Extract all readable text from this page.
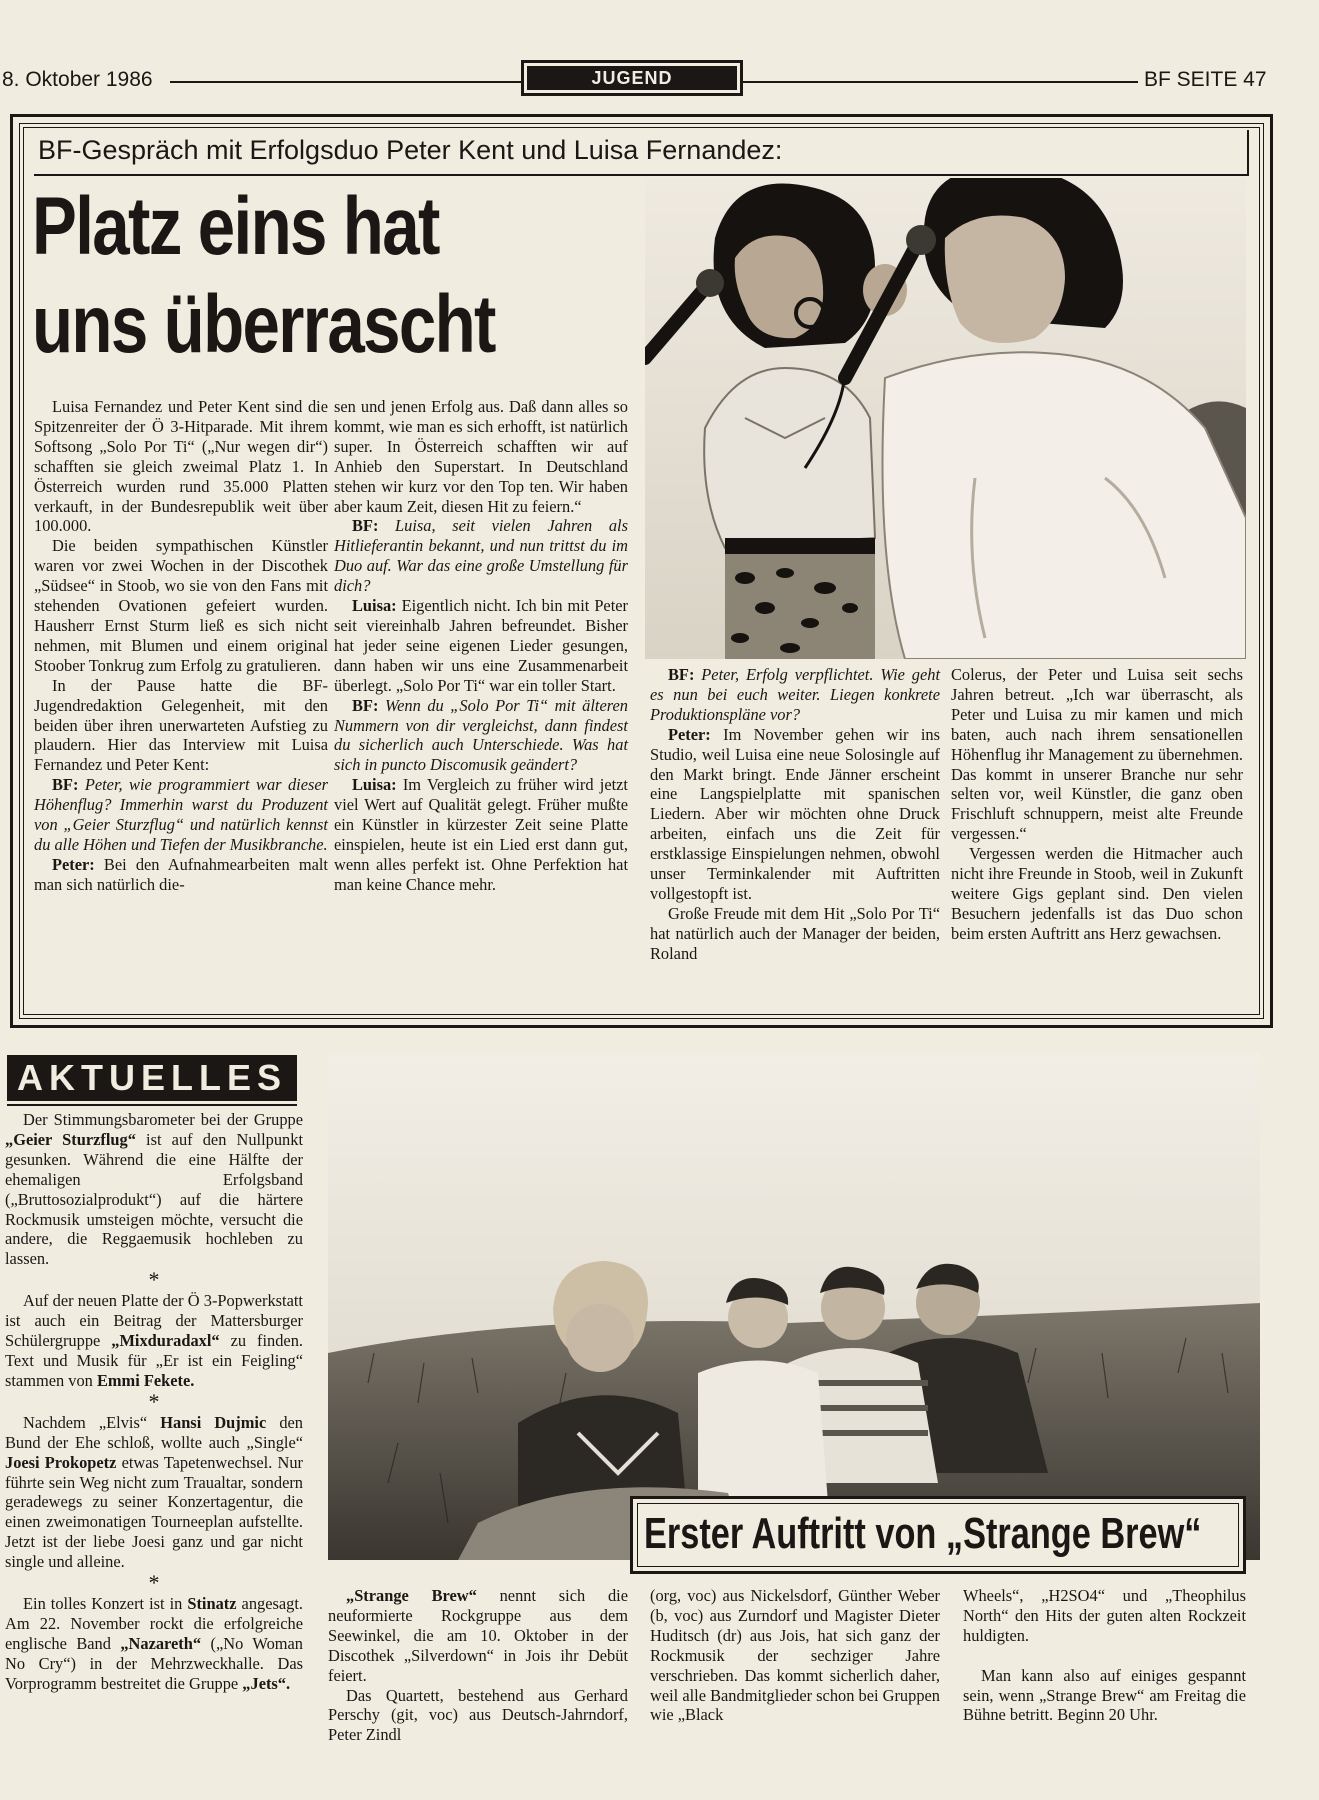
8. Oktober 1986	JUGEND	BF SEITE 47
BF-Gespräch mit Erfolgsduo Peter Kent und Luisa Fernandez:
Platz eins hat
uns überrascht

Luisa Fernandez und Peter Kent sind die Spitzenreiter der Ö 3-Hitparade. Mit ihrem Softsong „Solo Por Ti“ („Nur wegen dir“) schafften sie gleich zweimal Platz 1. In Österreich wurden rund 35.000 Platten verkauft, in der Bundesrepublik weit über 100.000.

Die beiden sympathischen Künstler waren vor zwei Wochen in der Discothek „Südsee“ in Stoob, wo sie von den Fans mit stehenden Ovationen gefeiert wurden. Hausherr Ernst Sturm ließ es sich nicht nehmen, mit Blumen und einem original Stoober Tonkrug zum Erfolg zu gratulieren.

In der Pause hatte die BF-Jugendredaktion Gelegenheit, mit den beiden über ihren unerwarteten Aufstieg zu plaudern. Hier das Interview mit Luisa Fernandez und Peter Kent:

BF: Peter, wie programmiert war dieser Höhenflug? Immerhin warst du Produzent von „Geier Sturzflug“ und natürlich kennst du alle Höhen und Tiefen der Musikbranche.

Peter: Bei den Aufnahmearbeiten malt man sich natürlich die-

sen und jenen Erfolg aus. Daß dann alles so kommt, wie man es sich erhofft, ist natürlich super. In Österreich schafften wir auf Anhieb den Superstart. In Deutschland stehen wir kurz vor den Top ten. Wir haben aber kaum Zeit, diesen Hit zu feiern.“

BF: Luisa, seit vielen Jahren als Hitlieferantin bekannt, und nun trittst du im Duo auf. War das eine große Umstellung für dich?

Luisa: Eigentlich nicht. Ich bin mit Peter seit viereinhalb Jahren befreundet. Bisher hat jeder seine eigenen Lieder gesungen, dann haben wir uns eine Zusammenarbeit überlegt. „Solo Por Ti“ war ein toller Start.

BF: Wenn du „Solo Por Ti“ mit älteren Nummern von dir vergleichst, dann findest du sicherlich auch Unterschiede. Was hat sich in puncto Discomusik geändert?

Luisa: Im Vergleich zu früher wird jetzt viel Wert auf Qualität gelegt. Früher mußte ein Künstler in kürzester Zeit seine Platte einspielen, heute ist ein Lied erst dann gut, wenn alles perfekt ist. Ohne Perfektion hat man keine Chance mehr.

BF: Peter, Erfolg verpflichtet. Wie geht es nun bei euch weiter. Liegen konkrete Produktionspläne vor?

Peter: Im November gehen wir ins Studio, weil Luisa eine neue Solosingle auf den Markt bringt. Ende Jänner erscheint eine Langspielplatte mit spanischen Liedern. Aber wir möchten ohne Druck arbeiten, einfach uns die Zeit für erstklassige Einspielungen nehmen, obwohl unser Terminkalender mit Auftritten vollgestopft ist.

Große Freude mit dem Hit „Solo Por Ti“ hat natürlich auch der Manager der beiden, Roland

Colerus, der Peter und Luisa seit sechs Jahren betreut. „Ich war überrascht, als Peter und Luisa zu mir kamen und mich baten, auch nach ihrem sensationellen Höhenflug ihr Management zu übernehmen. Das kommt in unserer Branche nur sehr selten vor, weil Künstler, die ganz oben Frischluft schnuppern, meist alte Freunde vergessen.“

Vergessen werden die Hitmacher auch nicht ihre Freunde in Stoob, weil in Zukunft weitere Gigs geplant sind. Den vielen Besuchern jedenfalls ist das Duo schon beim ersten Auftritt ans Herz gewachsen.

AKTUELLES

Der Stimmungsbarometer bei der Gruppe „Geier Sturzflug“ ist auf den Nullpunkt gesunken. Während die eine Hälfte der ehemaligen Erfolgsband („Bruttosozialprodukt“) auf die härtere Rockmusik umsteigen möchte, versucht die andere, die Reggaemusik hochleben zu lassen.

*

Auf der neuen Platte der Ö 3-Popwerkstatt ist auch ein Beitrag der Mattersburger Schülergruppe „Mixduradaxl“ zu finden. Text und Musik für „Er ist ein Feigling“ stammen von Emmi Fekete.

*

Nachdem „Elvis“ Hansi Dujmic den Bund der Ehe schloß, wollte auch „Single“ Joesi Prokopetz etwas Tapetenwechsel. Nur führte sein Weg nicht zum Traualtar, sondern geradewegs zu seiner Konzertagentur, die einen zweimonatigen Tourneeplan aufstellte. Jetzt ist der liebe Joesi ganz und gar nicht single und alleine.

*

Ein tolles Konzert ist in Stinatz angesagt. Am 22. November rockt die erfolgreiche englische Band „Nazareth“ („No Woman No Cry“) in der Mehrzweckhalle. Das Vorprogramm bestreitet die Gruppe „Jets“.

Erster Auftritt von „Strange Brew“

„Strange Brew“ nennt sich die neuformierte Rockgruppe aus dem Seewinkel, die am 10. Oktober in der Discothek „Silverdown“ in Jois ihr Debüt feiert.

Das Quartett, bestehend aus Gerhard Perschy (git, voc) aus Deutsch-Jahrndorf, Peter Zindl

(org, voc) aus Nickelsdorf, Günther Weber (b, voc) aus Zurndorf und Magister Dieter Huditsch (dr) aus Jois, hat sich ganz der Rockmusik der sechziger Jahre verschrieben. Das kommt sicherlich daher, weil alle Bandmitglieder schon bei Gruppen wie „Black

Wheels“, „H2SO4“ und „Theophilus North“ den Hits der guten alten Rockzeit huldigten.

Man kann also auf einiges gespannt sein, wenn „Strange Brew“ am Freitag die Bühne betritt. Beginn 20 Uhr.
